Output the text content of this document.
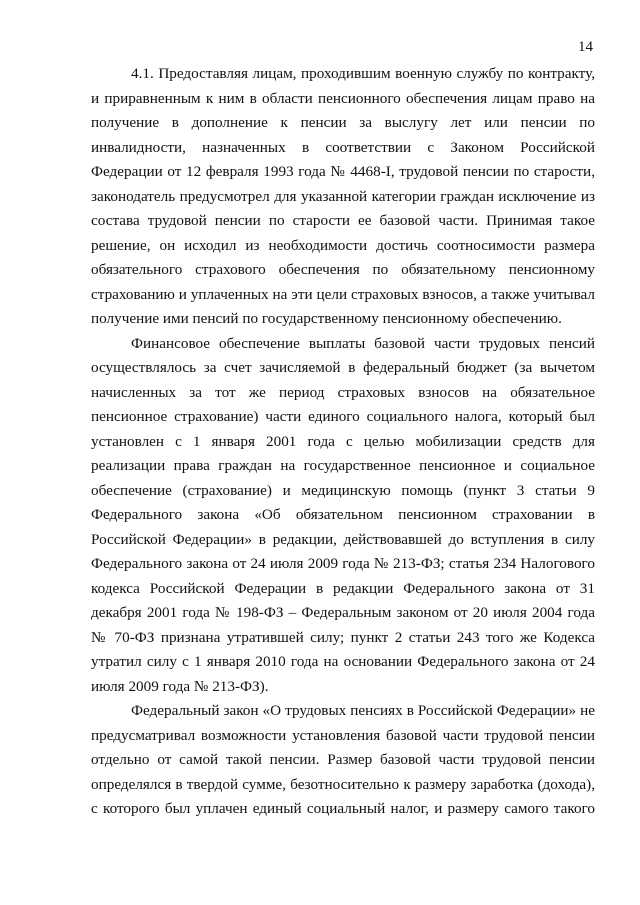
14
4.1. Предоставляя лицам, проходившим военную службу по контракту,
и приравненным к ним в области пенсионного обеспечения лицам право на
получение в дополнение к пенсии за выслугу лет или пенсии по
инвалидности, назначенных в соответствии с Законом Российской
Федерации от 12 февраля 1993 года № 4468-I, трудовой пенсии по старости,
законодатель предусмотрел для указанной категории граждан исключение из
состава трудовой пенсии по старости ее базовой части. Принимая такое
решение, он исходил из необходимости достичь соотносимости размера
обязательного страхового обеспечения по обязательному пенсионному
страхованию и уплаченных на эти цели страховых взносов, а также учитывал
получение ими пенсий по государственному пенсионному обеспечению.
Финансовое обеспечение выплаты базовой части трудовых пенсий
осуществлялось за счет зачисляемой в федеральный бюджет (за вычетом
начисленных за тот же период страховых взносов на обязательное
пенсионное страхование) части единого социального налога, который был
установлен с 1 января 2001 года с целью мобилизации средств для
реализации права граждан на государственное пенсионное и социальное
обеспечение (страхование) и медицинскую помощь (пункт 3 статьи 9
Федерального закона «Об обязательном пенсионном страховании в
Российской Федерации» в редакции, действовавшей до вступления в силу
Федерального закона от 24 июля 2009 года № 213-ФЗ; статья 234 Налогового
кодекса Российской Федерации в редакции Федерального закона от 31
декабря 2001 года № 198-ФЗ – Федеральным законом от 20 июля 2004 года
№ 70-ФЗ признана утратившей силу; пункт 2 статьи 243 того же Кодекса
утратил силу с 1 января 2010 года на основании Федерального закона от 24
июля 2009 года № 213-ФЗ).
Федеральный закон «О трудовых пенсиях в Российской Федерации» не
предусматривал возможности установления базовой части трудовой пенсии
отдельно от самой такой пенсии. Размер базовой части трудовой пенсии
определялся в твердой сумме, безотносительно к размеру заработка (дохода),
с которого был уплачен единый социальный налог, и размеру самого такого
